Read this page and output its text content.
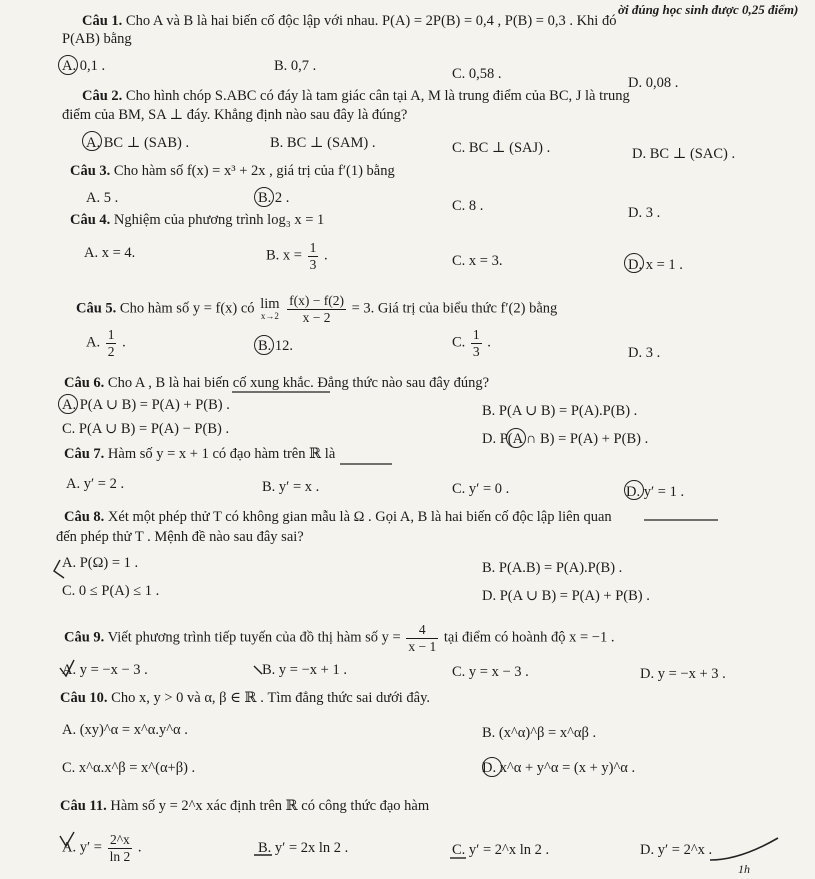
ời đúng học sinh được 0,25 điểm)
Câu 1. Cho A và B là hai biến cố độc lập với nhau. P(A) = 2P(B) = 0,4 , P(B) = 0,3 . Khi đó
P(AB) bằng
A. 0,1 .	B. 0,7 .	C. 0,58 .
D. 0,08 .
Câu 2. Cho hình chóp S.ABC có đáy là tam giác cân tại A, M là trung điểm của BC, J là trung
điểm của BM, SA ⊥ đáy. Khẳng định nào sau đây là đúng?
A. BC ⊥ (SAB) .	B. BC ⊥ (SAM) .	C. BC ⊥ (SAJ) .	D. BC ⊥ (SAC) .
Câu 3. Cho hàm số f(x) = x³ + 2x , giá trị của f′(1) bằng
A. 5 .	B. 2 .	C. 8 .	D. 3 .
Câu 4. Nghiệm của phương trình log₃ x = 1
A. x = 4.	B. $x = \frac{1}{3}$ .	C. x = 3.	D. x = 1 .
Câu 5. Cho hàm số y = f(x) có lim
x→2
$\frac{f(x) - f(2)}{x - 2} = 3$. Giá trị của biểu thức f′(2) bằng
A. $\frac{1}{2}$ .	B. 12.	C. $\frac{1}{3}$ .
D. 3 .
Câu 6. Cho A , B là hai biến cố xung khắc. Đẳng thức nào sau đây đúng?
A. P(A ∪ B) = P(A) + P(B) .	B. P(A ∪ B) = P(A).P(B) .
C. P(A ∪ B) = P(A) − P(B) .
D. P(A ∩ B) = P(A) + P(B) .
Câu 7. Hàm số y = x + 1 có đạo hàm trên ℝ là
A. y′ = 2 .	B. y′ = x .	C. y′ = 0 .	D. y′ = 1 .
Câu 8. Xét một phép thử T có không gian mẫu là Ω . Gọi A, B là hai biến cố độc lập liên quan
đến phép thử T . Mệnh đề nào sau đây sai?
A. P(Ω) = 1 .	B. P(A.B) = P(A).P(B) .
C. 0 ≤ P(A) ≤ 1 .	D. P(A ∪ B) = P(A) + P(B) .
Câu 9. Viết phương trình tiếp tuyến của đồ thị hàm số $y = \frac{4}{x - 1}$ tại điểm có hoành độ x = −1 .
A. y = −x − 3 .	B. y = −x + 1 .	C. y = x − 3 .	D. y = −x + 3 .
Câu 10. Cho x, y > 0 và α, β ∈ ℝ . Tìm đẳng thức sai dưới đây.
A. (xy)^α = x^α.y^α .	B. (x^α)^β = x^αβ .
C. x^α.x^β = x^(α+β) .	D. x^α + y^α = (x + y)^α .
Câu 11. Hàm số y = 2^x xác định trên ℝ có công thức đạo hàm
A. $y' = \frac{2\^{}x}{\ln 2}$ .	B. y′ = 2x ln 2 .	C. y′ = 2^x ln 2 .	D. y′ = 2^x .
1h
